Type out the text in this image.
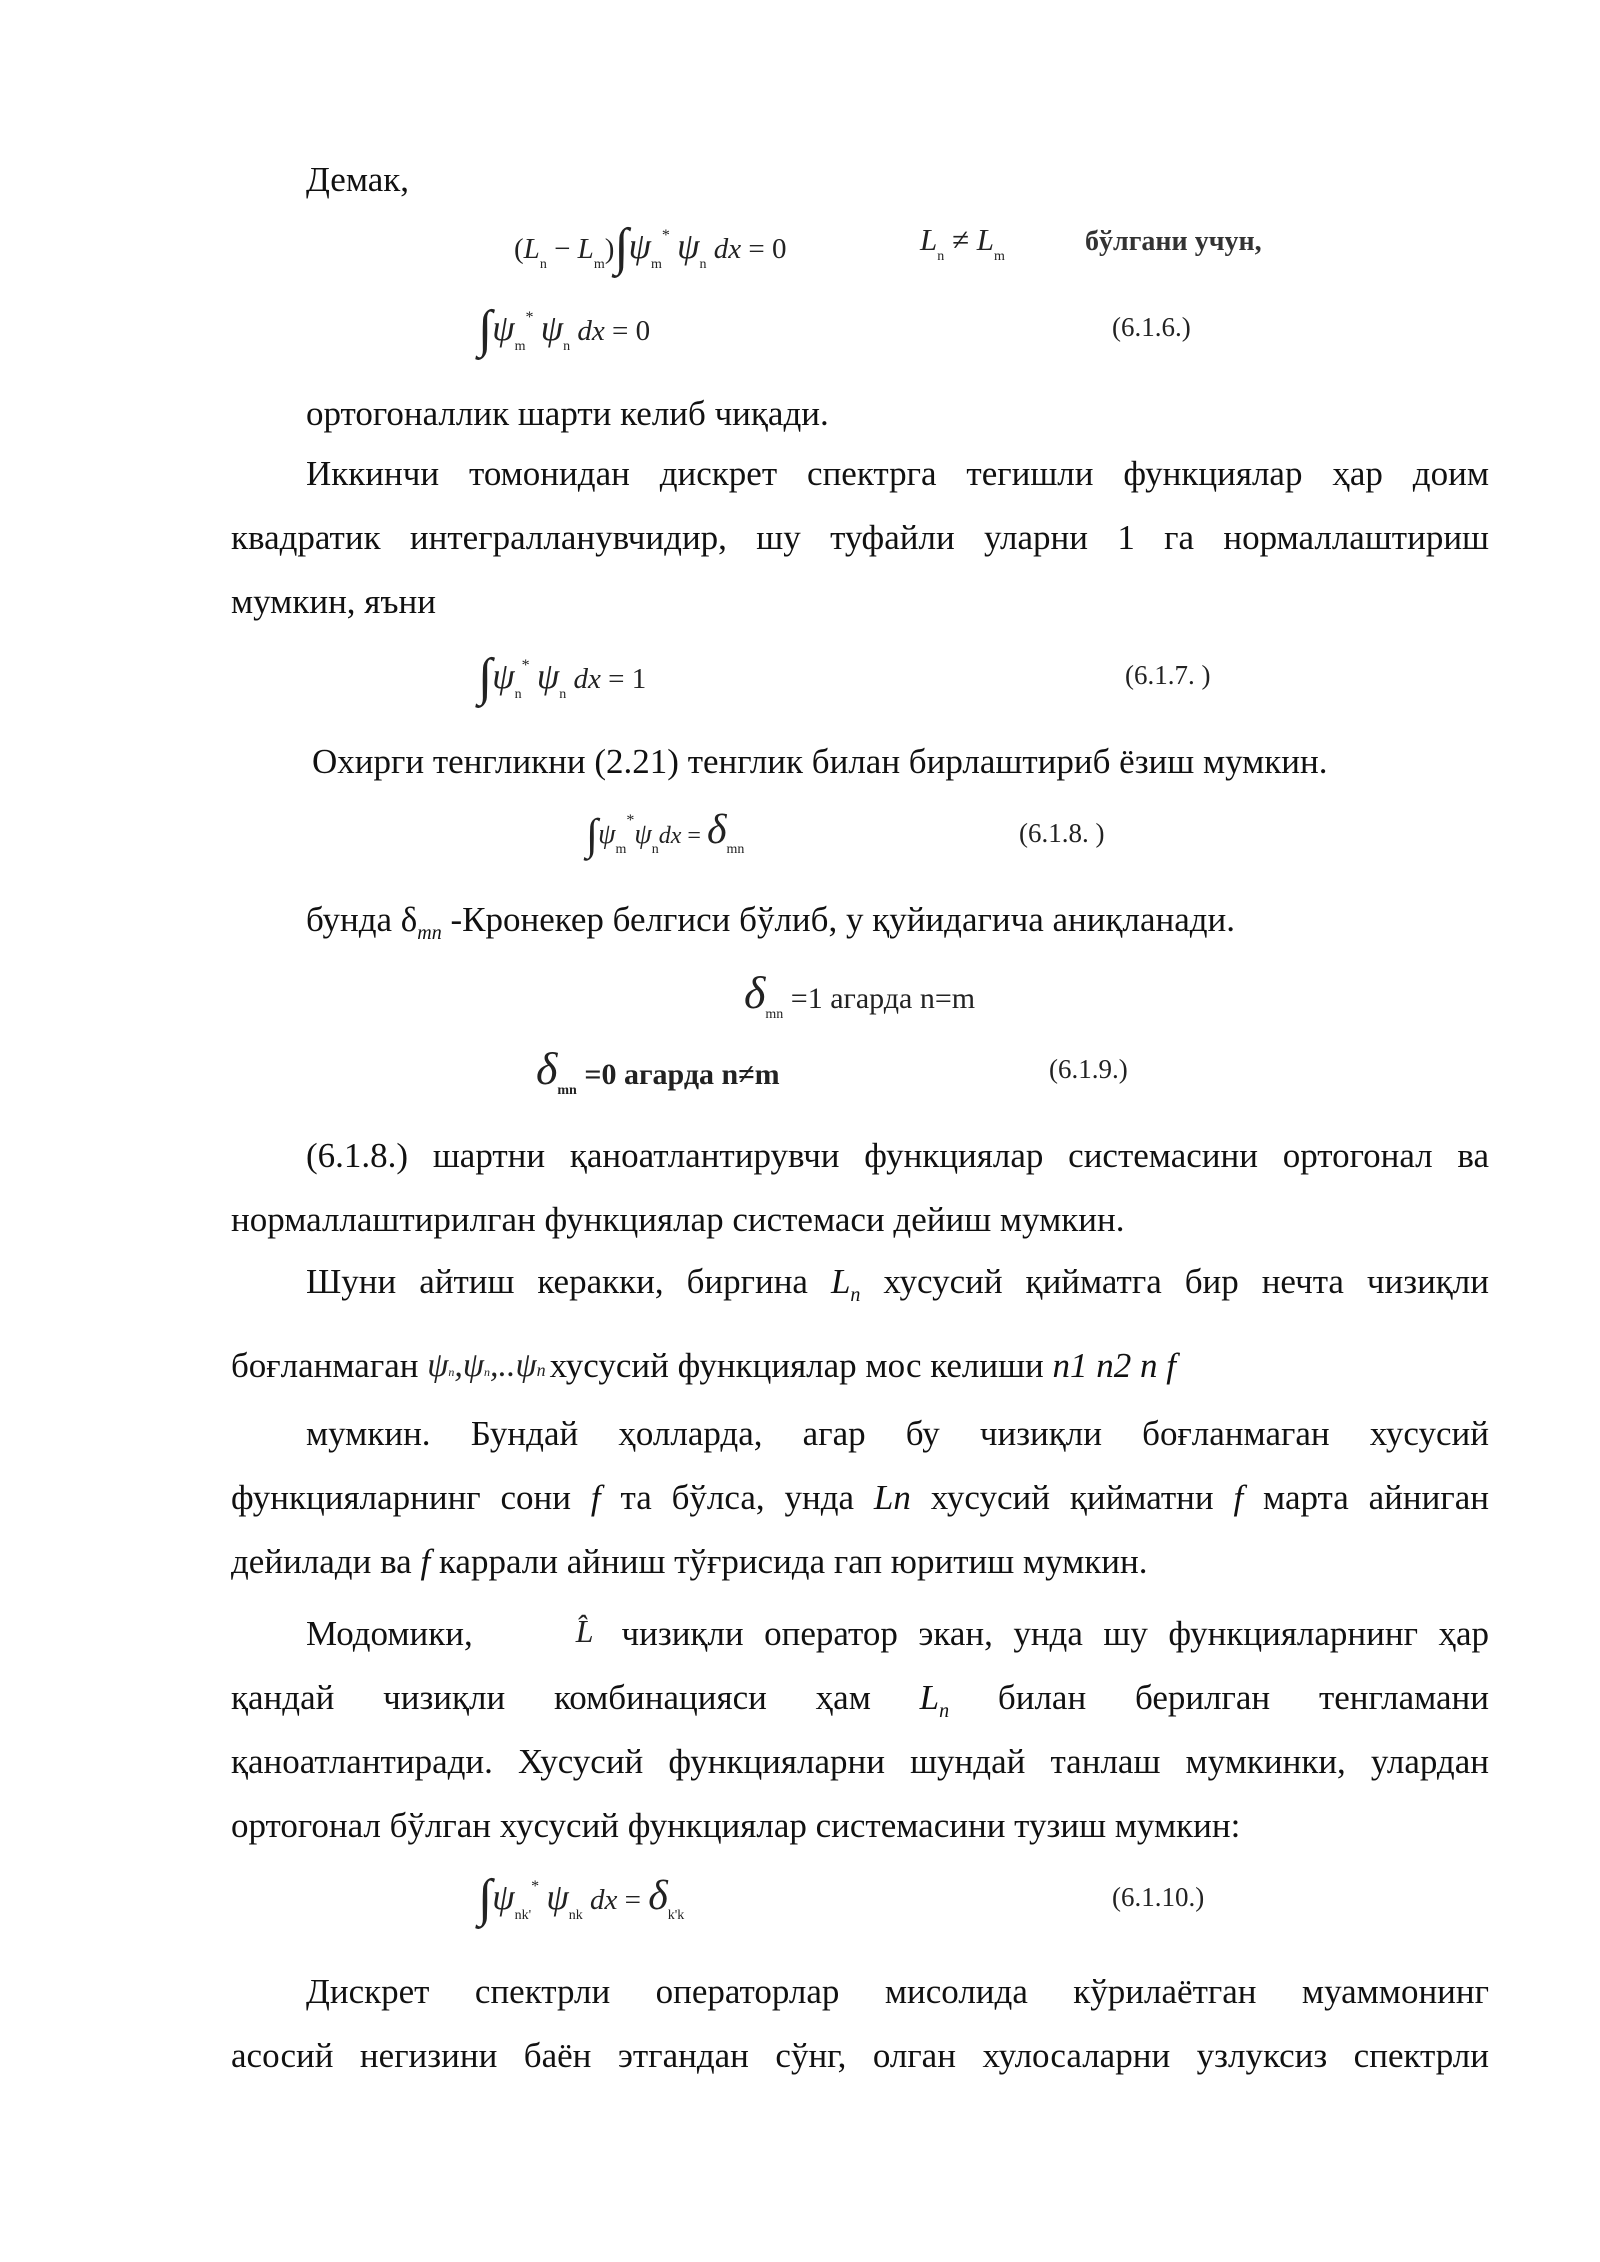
Демак,

$(L_n - L_m)\int\psi_m^*$ $\psi_n$ dx = 0	$L_n \ne L_m$	бўлгани учун,
$\int\psi_m^*$ $\psi_n$ dx = 0	(6.1.6.)

ортогоналлик шарти келиб чиқади.

Иккинчи томонидан дискрет спектрга тегишли функциялар ҳар доим

квадратик интегралланувчидир, шу туфайли уларни 1 га нормаллаштириш

мумкин, яъни

$\int\psi_n^*$ $\psi_n$ dx = 1	(6.1.7. )

Охирги тенгликни (2.21) тенглик билан бирлаштириб ёзиш мумкин.

$\int\psi_m^*\psi_ndx = \delta_{mn}$
(6.1.8. )

бунда $\delta_{mn}$ -Кронекер белгиси бўлиб, у қуйидагича аниқланади.

$\delta_{mn} =1$ агарда n=m
$\delta_{mn} =0$ агарда n≠m	(6.1.9.)

(6.1.8.) шартни қаноатлантирувчи функциялар системасини ортогонал ва

нормаллаштирилган функциялар системаси дейиш мумкин.

Шуни айтиш керакки, биргина $L_n$ хусусий қийматга бир нечта чизиқли

боғланмаган ψn,ψn,..ψn хусусий функциялар мос келиши n1 n2 n f

мумкин. Бундай ҳолларда, агар бу чизиқли боғланмаган хусусий

функцияларнинг сони f та бўлса, унда Ln хусусий қийматни f марта айниган

дейилади ва f каррали айниш тўғрисида гап юритиш мумкин.

Модомики,	L̂ чизиқли оператор экан, унда шу функцияларнинг ҳар

қандай чизиқли комбинацияси ҳам $L_n$ билан берилган тенгламани

қаноатлантиради. Хусусий функцияларни шундай танлаш мумкинки, улардан

ортогонал бўлган хусусий функциялар системасини тузиш мумкин:

$\int\psi_{nk'}^*$ $\psi_{nk}$ dx = $\delta_{k'k}$
(6.1.10.)

Дискрет спектрли операторлар мисолида кўрилаётган муаммонинг

асосий негизини баён этгандан сўнг, олган хулосаларни узлуксиз спектрли
